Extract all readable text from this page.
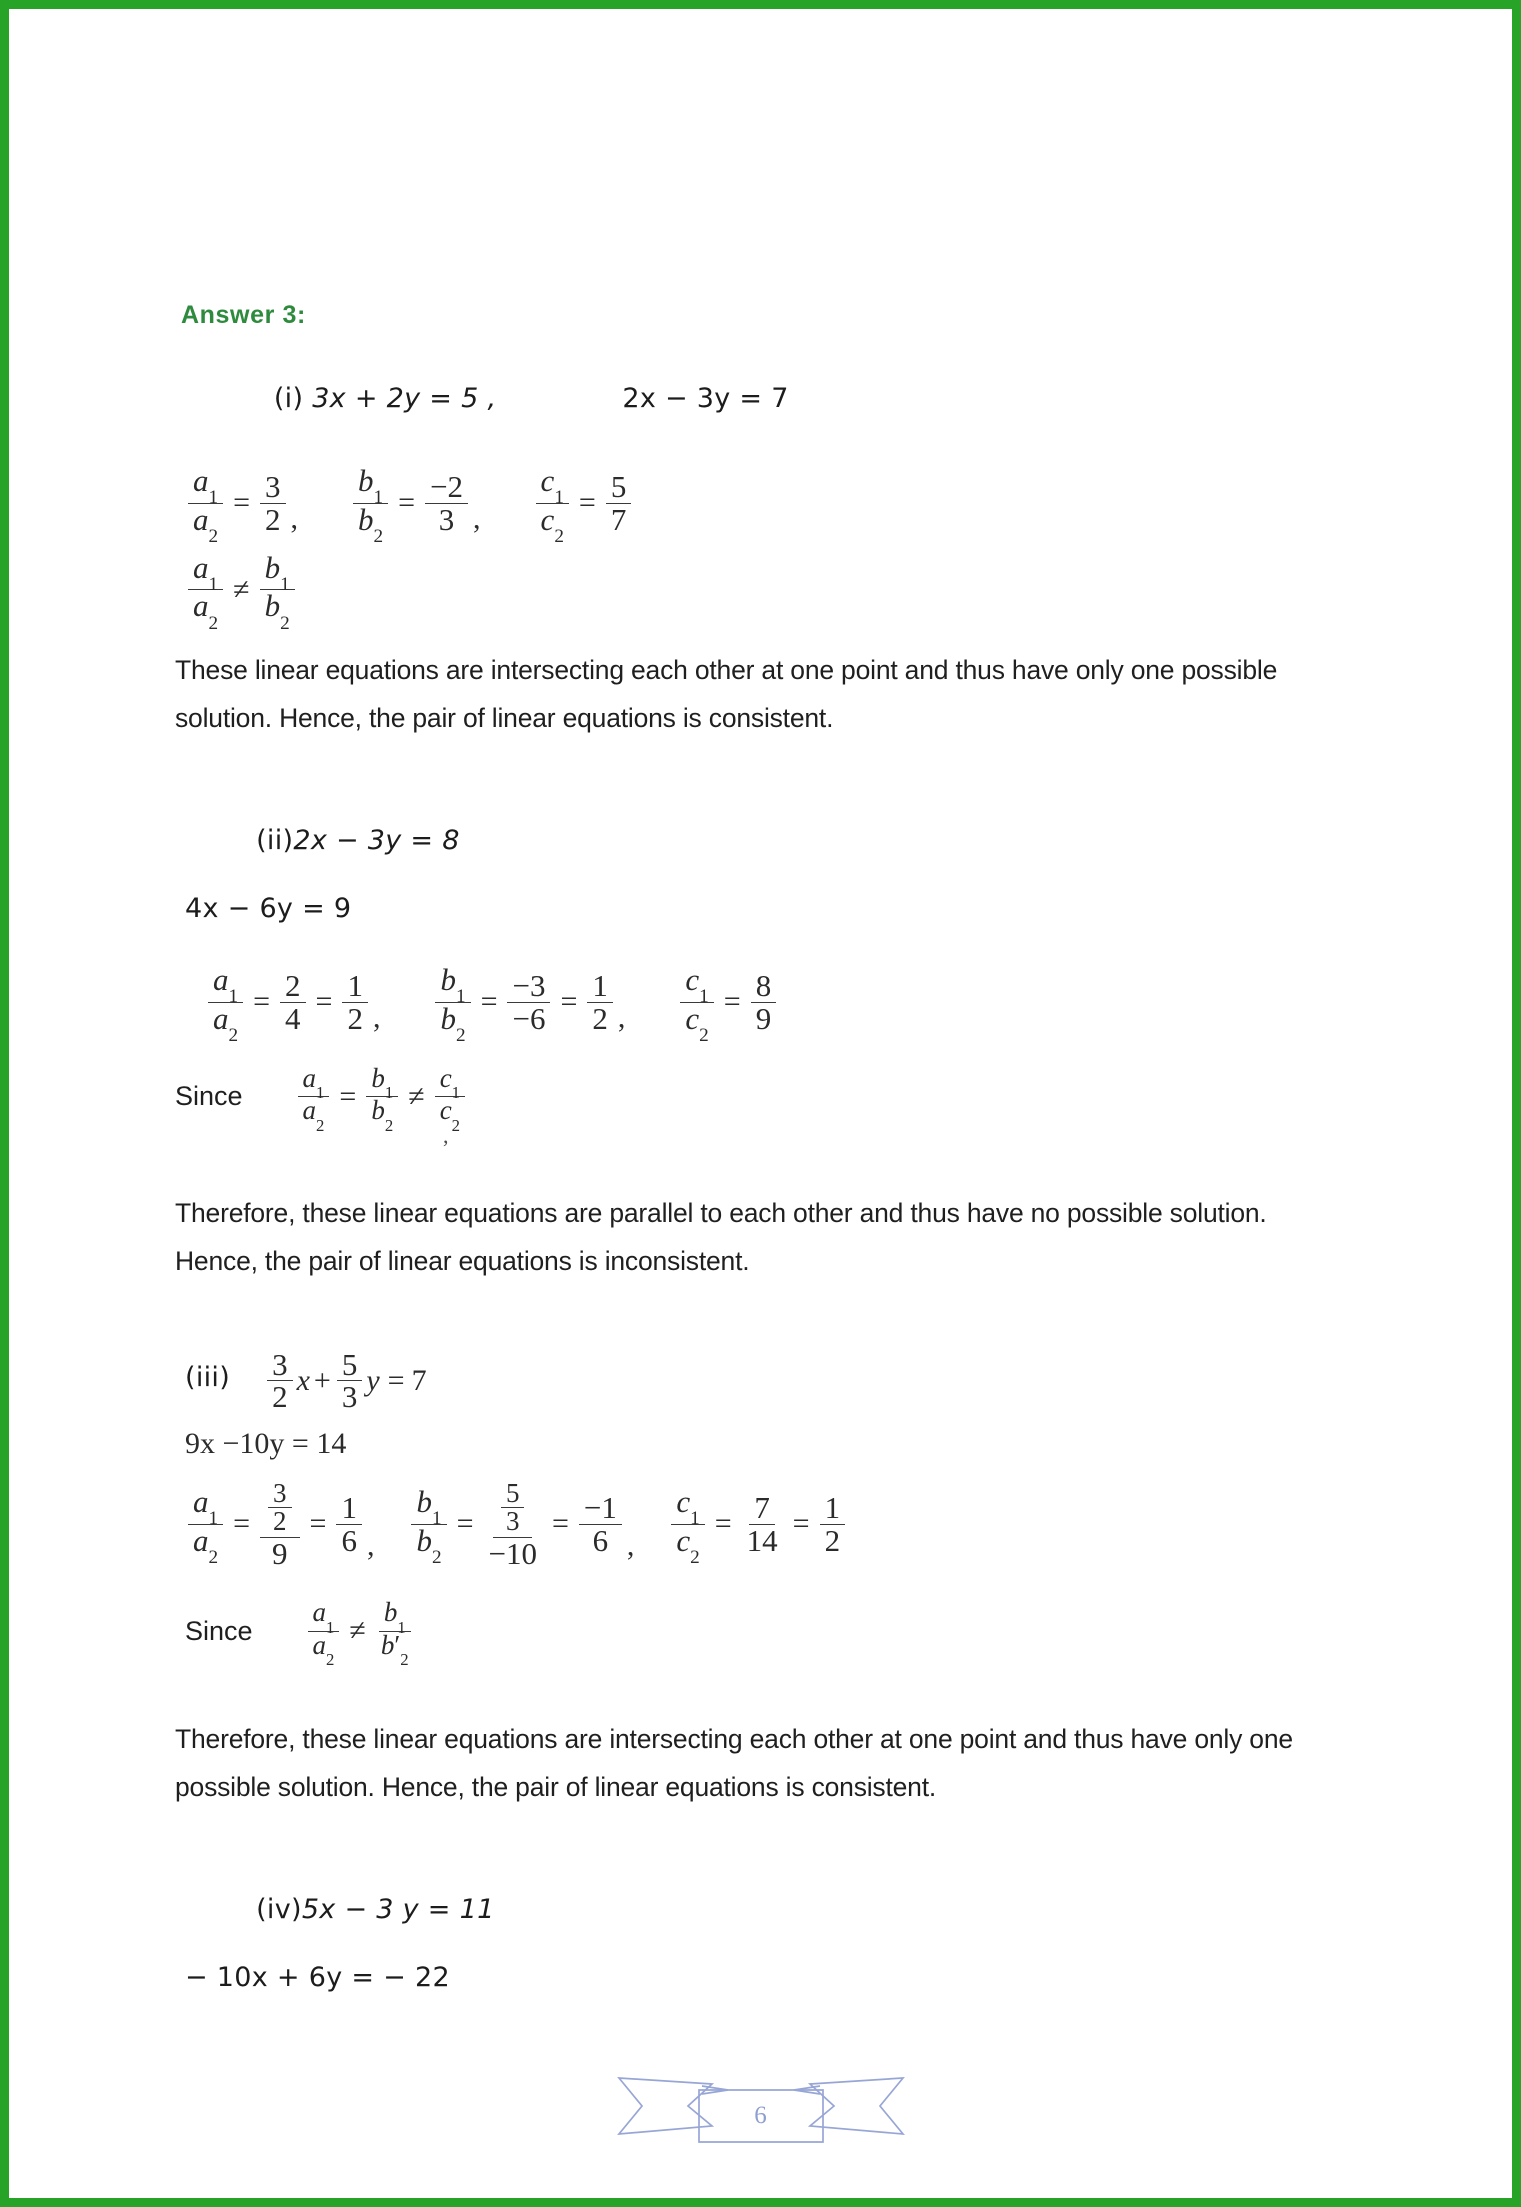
Answer 3:

(i) 3x + 2y = 5 ,
	2x − 3y = 7
$\frac{a_1}{a_2} = \frac{3}{2}$ , $\frac{b_1}{b_2} = \frac{-2}{3}$ , $\frac{c_1}{c_2} = \frac{5}{7}$
$\frac{a_1}{a_2} \ne \frac{b_1}{b_2}$

These linear equations are intersecting each other at one point and thus have only one possible solution. Hence, the pair of linear equations is consistent.

(ii)2x − 3y = 8

4x − 6y = 9
$\frac{a_1}{a_2} = \frac{2}{4} = \frac{1}{2}$ , $\frac{b_1}{b_2} = \frac{-3}{-6} = \frac{1}{2}$ , $\frac{c_1}{c_2} = \frac{8}{9}$
Since $\frac{a_1}{a_2} = \frac{b_1}{b_2} \ne \frac{c_1}{c_2}$
,

Therefore, these linear equations are parallel to each other and thus have no possible solution. Hence, the pair of linear equations is inconsistent.

$(iii) \frac{3}{2}$ $x + \frac{5}{3}$ y = 7
9x −10y = 14
$\frac{a_1}{a_2} = \frac{\frac{3}{2}}{9} = \frac{1}{6}$ , $\frac{b_1}{b_2} = \frac{\frac{5}{3}}{-10} = \frac{-1}{6}$ , $\frac{c_1}{c_2} = \frac{7}{14} = \frac{1}{2}$
Since $\frac{a_1}{a_2} \ne \frac{b_1}{b'_2}$

Therefore, these linear equations are intersecting each other at one point and thus have only one possible solution. Hence, the pair of linear equations is consistent.

(iv)5x − 3 y = 11

− 10x + 6y = − 22
6
